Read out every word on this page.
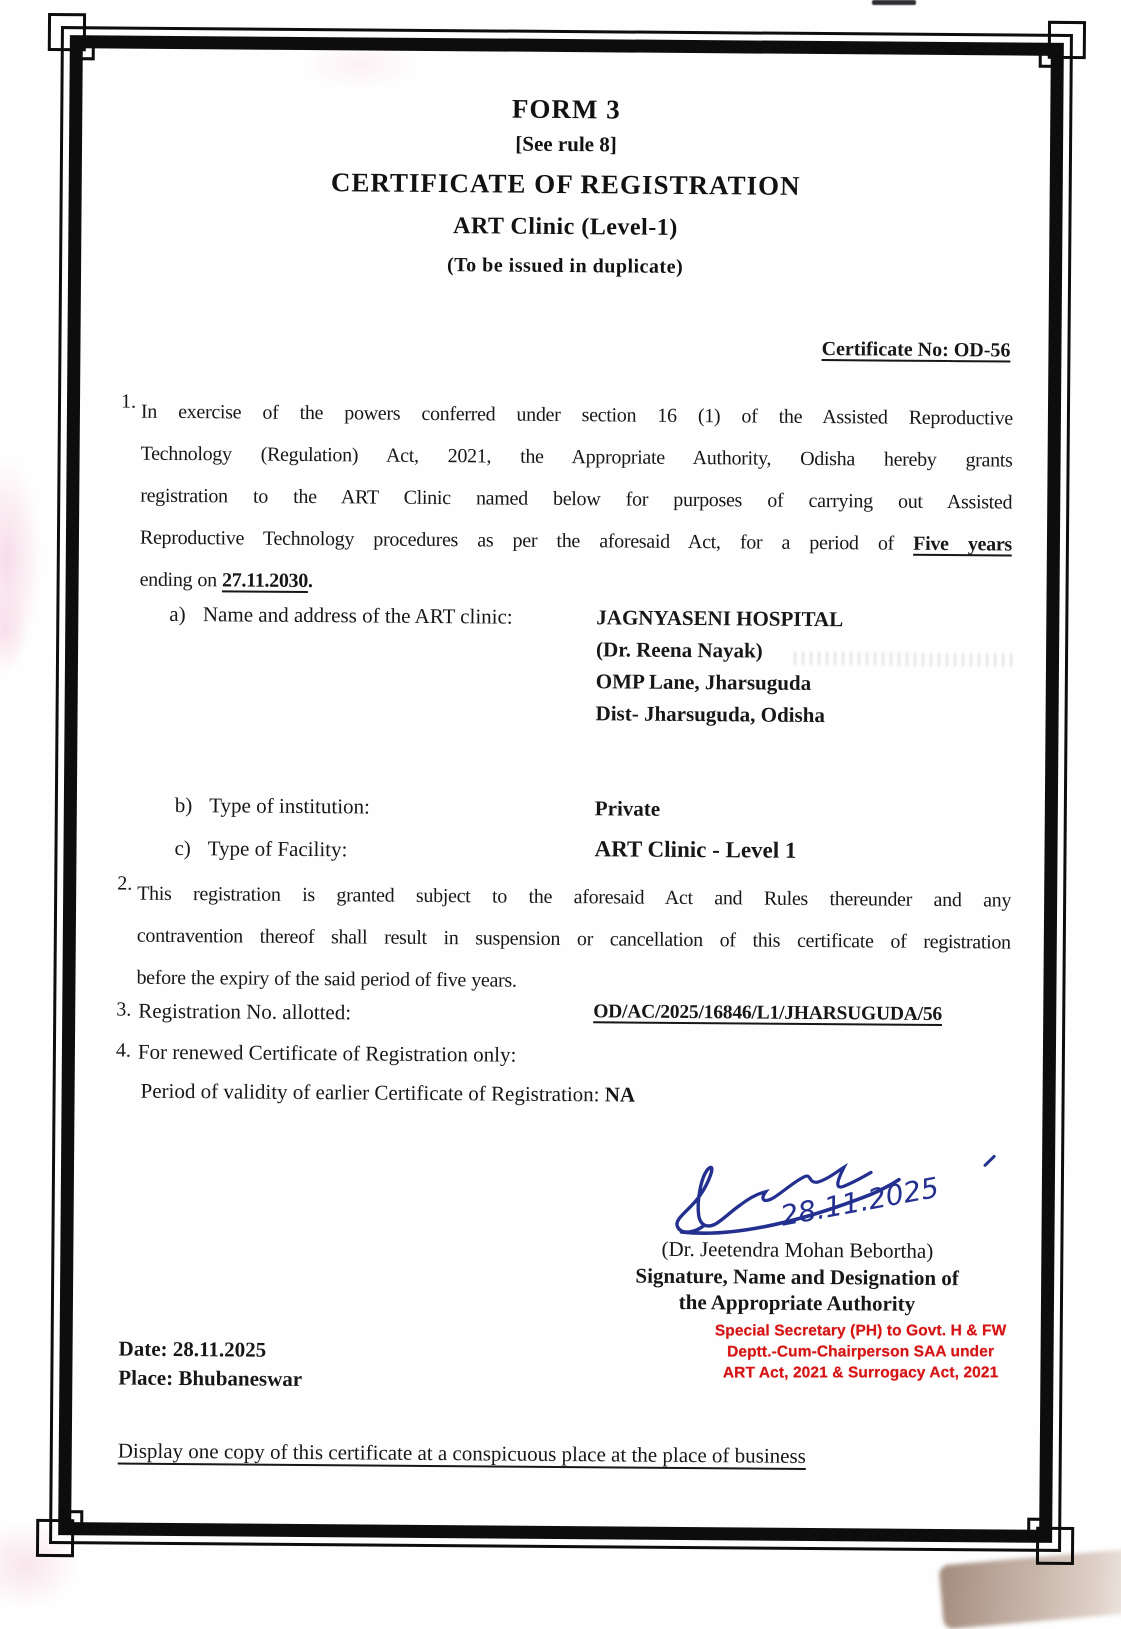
FORM 3
[See rule 8]
CERTIFICATE OF REGISTRATION
ART Clinic (Level-1)
(To be issued in duplicate)
Certificate No: OD-56
1. In exercise of the powers conferred under section 16 (1) of the Assisted Reproductive
Technology (Regulation) Act, 2021, the Appropriate Authority, Odisha hereby grants
registration to the ART Clinic named below for purposes of carrying out Assisted
Reproductive Technology procedures as per the aforesaid Act, for a period of Five years
ending on 27.11.2030.
a) Name and address of the ART clinic:	JAGNYASENI HOSPITAL
(Dr. Reena Nayak)
OMP Lane, Jharsuguda
Dist- Jharsuguda, Odisha
b) Type of institution:	Private
c) Type of Facility:	ART Clinic - Level 1
2. This registration is granted subject to the aforesaid Act and Rules thereunder and any
contravention thereof shall result in suspension or cancellation of this certificate of registration
before the expiry of the said period of five years.
3. Registration No. allotted:	OD/AC/2025/16846/L1/JHARSUGUDA/56
4. For renewed Certificate of Registration only:
Period of validity of earlier Certificate of Registration: NA
28.11.2025
(Dr. Jeetendra Mohan Bebortha)
Signature, Name and Designation of
the Appropriate Authority
Special Secretary (PH) to Govt. H & FW
Deptt.-Cum-Chairperson SAA under
ART Act, 2021 & Surrogacy Act, 2021
Date: 28.11.2025
Place: Bhubaneswar
Display one copy of this certificate at a conspicuous place at the place of business
